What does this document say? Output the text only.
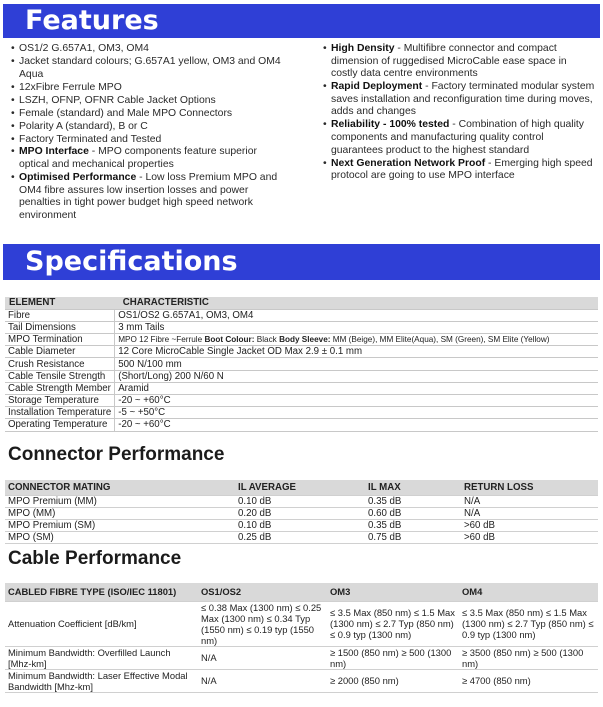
Features
• OS1/2 G.657A1, OM3, OM4
• Jacket standard colours; G.657A1 yellow, OM3 and OM4 Aqua
• 12xFibre Ferrule MPO
• LSZH, OFNP, OFNR Cable Jacket Options
• Female (standard) and Male MPO Connectors
• Polarity A (standard), B or C
• Factory Terminated and Tested
• MPO Interface - MPO components feature superior optical and mechanical properties
• Optimised Performance - Low loss Premium MPO and OM4 fibre assures low insertion losses and power penalties in tight power budget high speed network environment
• High Density - Multifibre connector and compact dimension of ruggedised MicroCable ease space in costly data centre environments
• Rapid Deployment - Factory terminated modular system saves installation and reconfiguration time during moves, adds and changes
• Reliability - 100% tested - Combination of high quality components and manufacturing quality control guarantees product to the highest standard
• Next Generation Network Proof - Emerging high speed protocol are going to use MPO interface
Specifications
fibreopticsupplies.com
ELEMENT	CHARACTERISTIC
Fibre	OS1/OS2 G.657A1, OM3, OM4
Tail Dimensions	3 mm Tails
MPO Termination	MPO 12 Fibre ~Ferrule Boot Colour: Black Body Sleeve: MM (Beige), MM Elite(Aqua), SM (Green), SM Elite (Yellow)
Cable Diameter	12 Core MicroCable Single Jacket OD Max 2.9 ± 0.1 mm
Crush Resistance	500 N/100 mm
Cable Tensile Strength	(Short/Long) 200 N/60 N
Cable Strength Member	Aramid
Storage Temperature	-20 ~ +60°C
Installation Temperature	-5 ~ +50°C
Operating Temperature	-20 ~ +60°C
Connector Performance
CONNECTOR MATING	IL AVERAGE	IL MAX	RETURN LOSS
MPO Premium (MM)	0.10 dB	0.35 dB	N/A
MPO (MM)	0.20 dB	0.60 dB	N/A
MPO Premium (SM)	0.10 dB	0.35 dB	>60 dB
MPO (SM)	0.25 dB	0.75 dB	>60 dB
Cable Performance
CABLED FIBRE TYPE (ISO/IEC 11801)	OS1/OS2	OM3	OM4
Attenuation Coefficient [dB/km]	≤ 0.38 Max (1300 nm) ≤ 0.25 Max (1300 nm) ≤ 0.34 Typ (1550 nm) ≤ 0.19 typ (1550 nm)	≤ 3.5 Max (850 nm) ≤ 1.5 Max (1300 nm) ≤ 2.7 Typ (850 nm) ≤ 0.9 typ (1300 nm)	≤ 3.5 Max (850 nm) ≤ 1.5 Max (1300 nm) ≤ 2.7 Typ (850 nm) ≤ 0.9 typ (1300 nm)
Minimum Bandwidth: Overfilled Launch [Mhz-km]	N/A	≥ 1500 (850 nm) ≥ 500 (1300 nm)	≥ 3500 (850 nm) ≥ 500 (1300 nm)
Minimum Bandwidth: Laser Effective Modal Bandwidth [Mhz-km]	N/A	≥ 2000 (850 nm)	≥ 4700 (850 nm)
